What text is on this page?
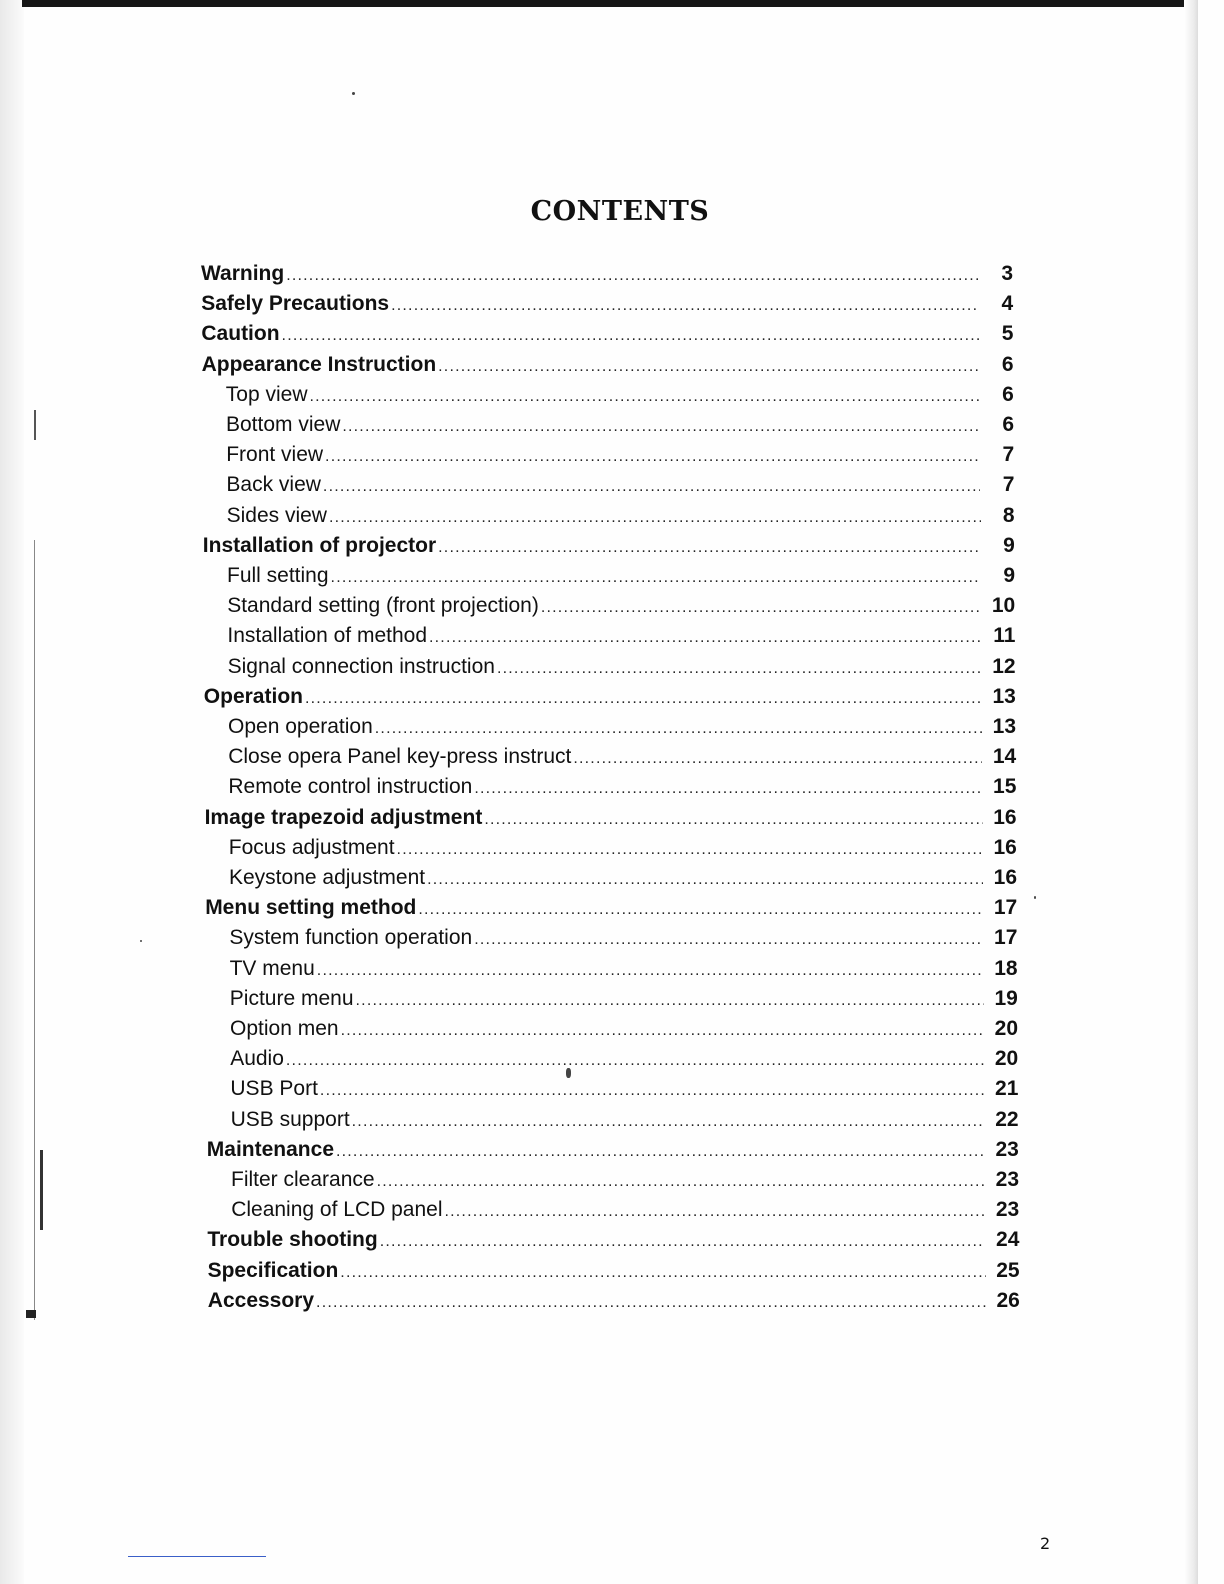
CONTENTS
Warning .....	3
Safely Precautions .....	4
Caution .....	5
Appearance Instruction .....	6
Top view .....	6
Bottom view .....	6
Front view .....	7
Back view .....	7
Sides view .....	8
Installation of projector .....	9
Full setting .....	9
Standard setting (front projection) .....	10
Installation of method .....	11
Signal connection instruction .....	12
Operation .....	13
Open operation .....	13
Close opera Panel key-press instruct .....	14
Remote control instruction .....	15
Image trapezoid adjustment .....	16
Focus adjustment .....	16
Keystone adjustment .....	16
Menu setting method .....	17
System function operation .....	17
TV menu .....	18
Picture menu .....	19
Option men .....	20
Audio .....	20
USB Port .....	21
USB support .....	22
Maintenance .....	23
Filter clearance .....	23
Cleaning of LCD panel .....	23
Trouble shooting .....	24
Specification .....	25
Accessory .....	26
2
